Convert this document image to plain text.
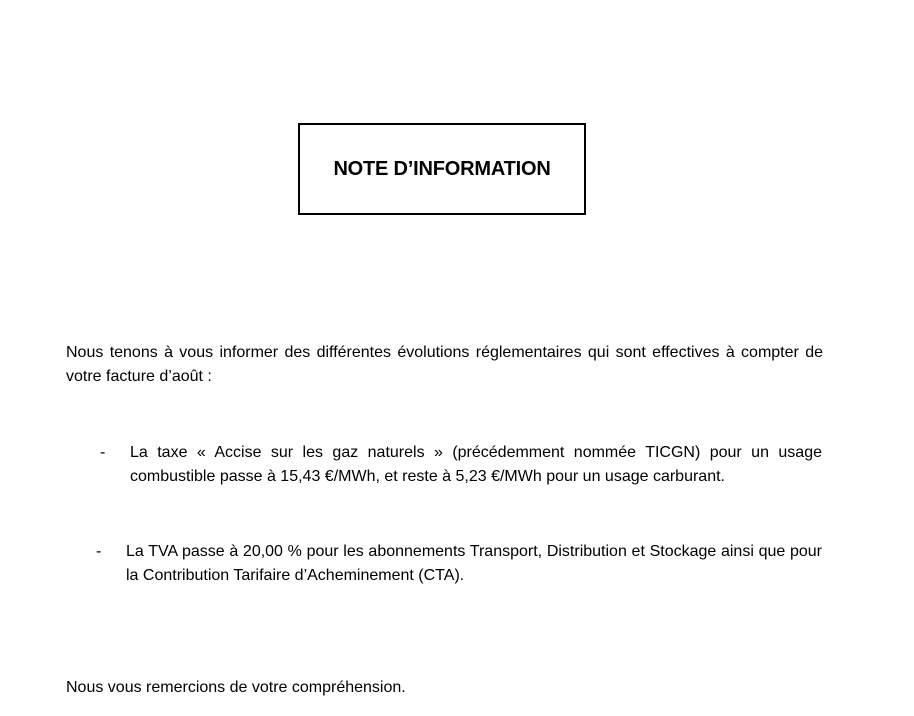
NOTE D’INFORMATION
Nous tenons à vous informer des différentes évolutions réglementaires qui sont effectives à compter de votre facture d’août :
- La taxe « Accise sur les gaz naturels » (précédemment nommée TICGN) pour un usage combustible passe à 15,43 €/MWh, et reste à 5,23 €/MWh pour un usage carburant.
- La TVA passe à 20,00 % pour les abonnements Transport, Distribution et Stockage ainsi que pour la Contribution Tarifaire d’Acheminement (CTA).
Nous vous remercions de votre compréhension.
